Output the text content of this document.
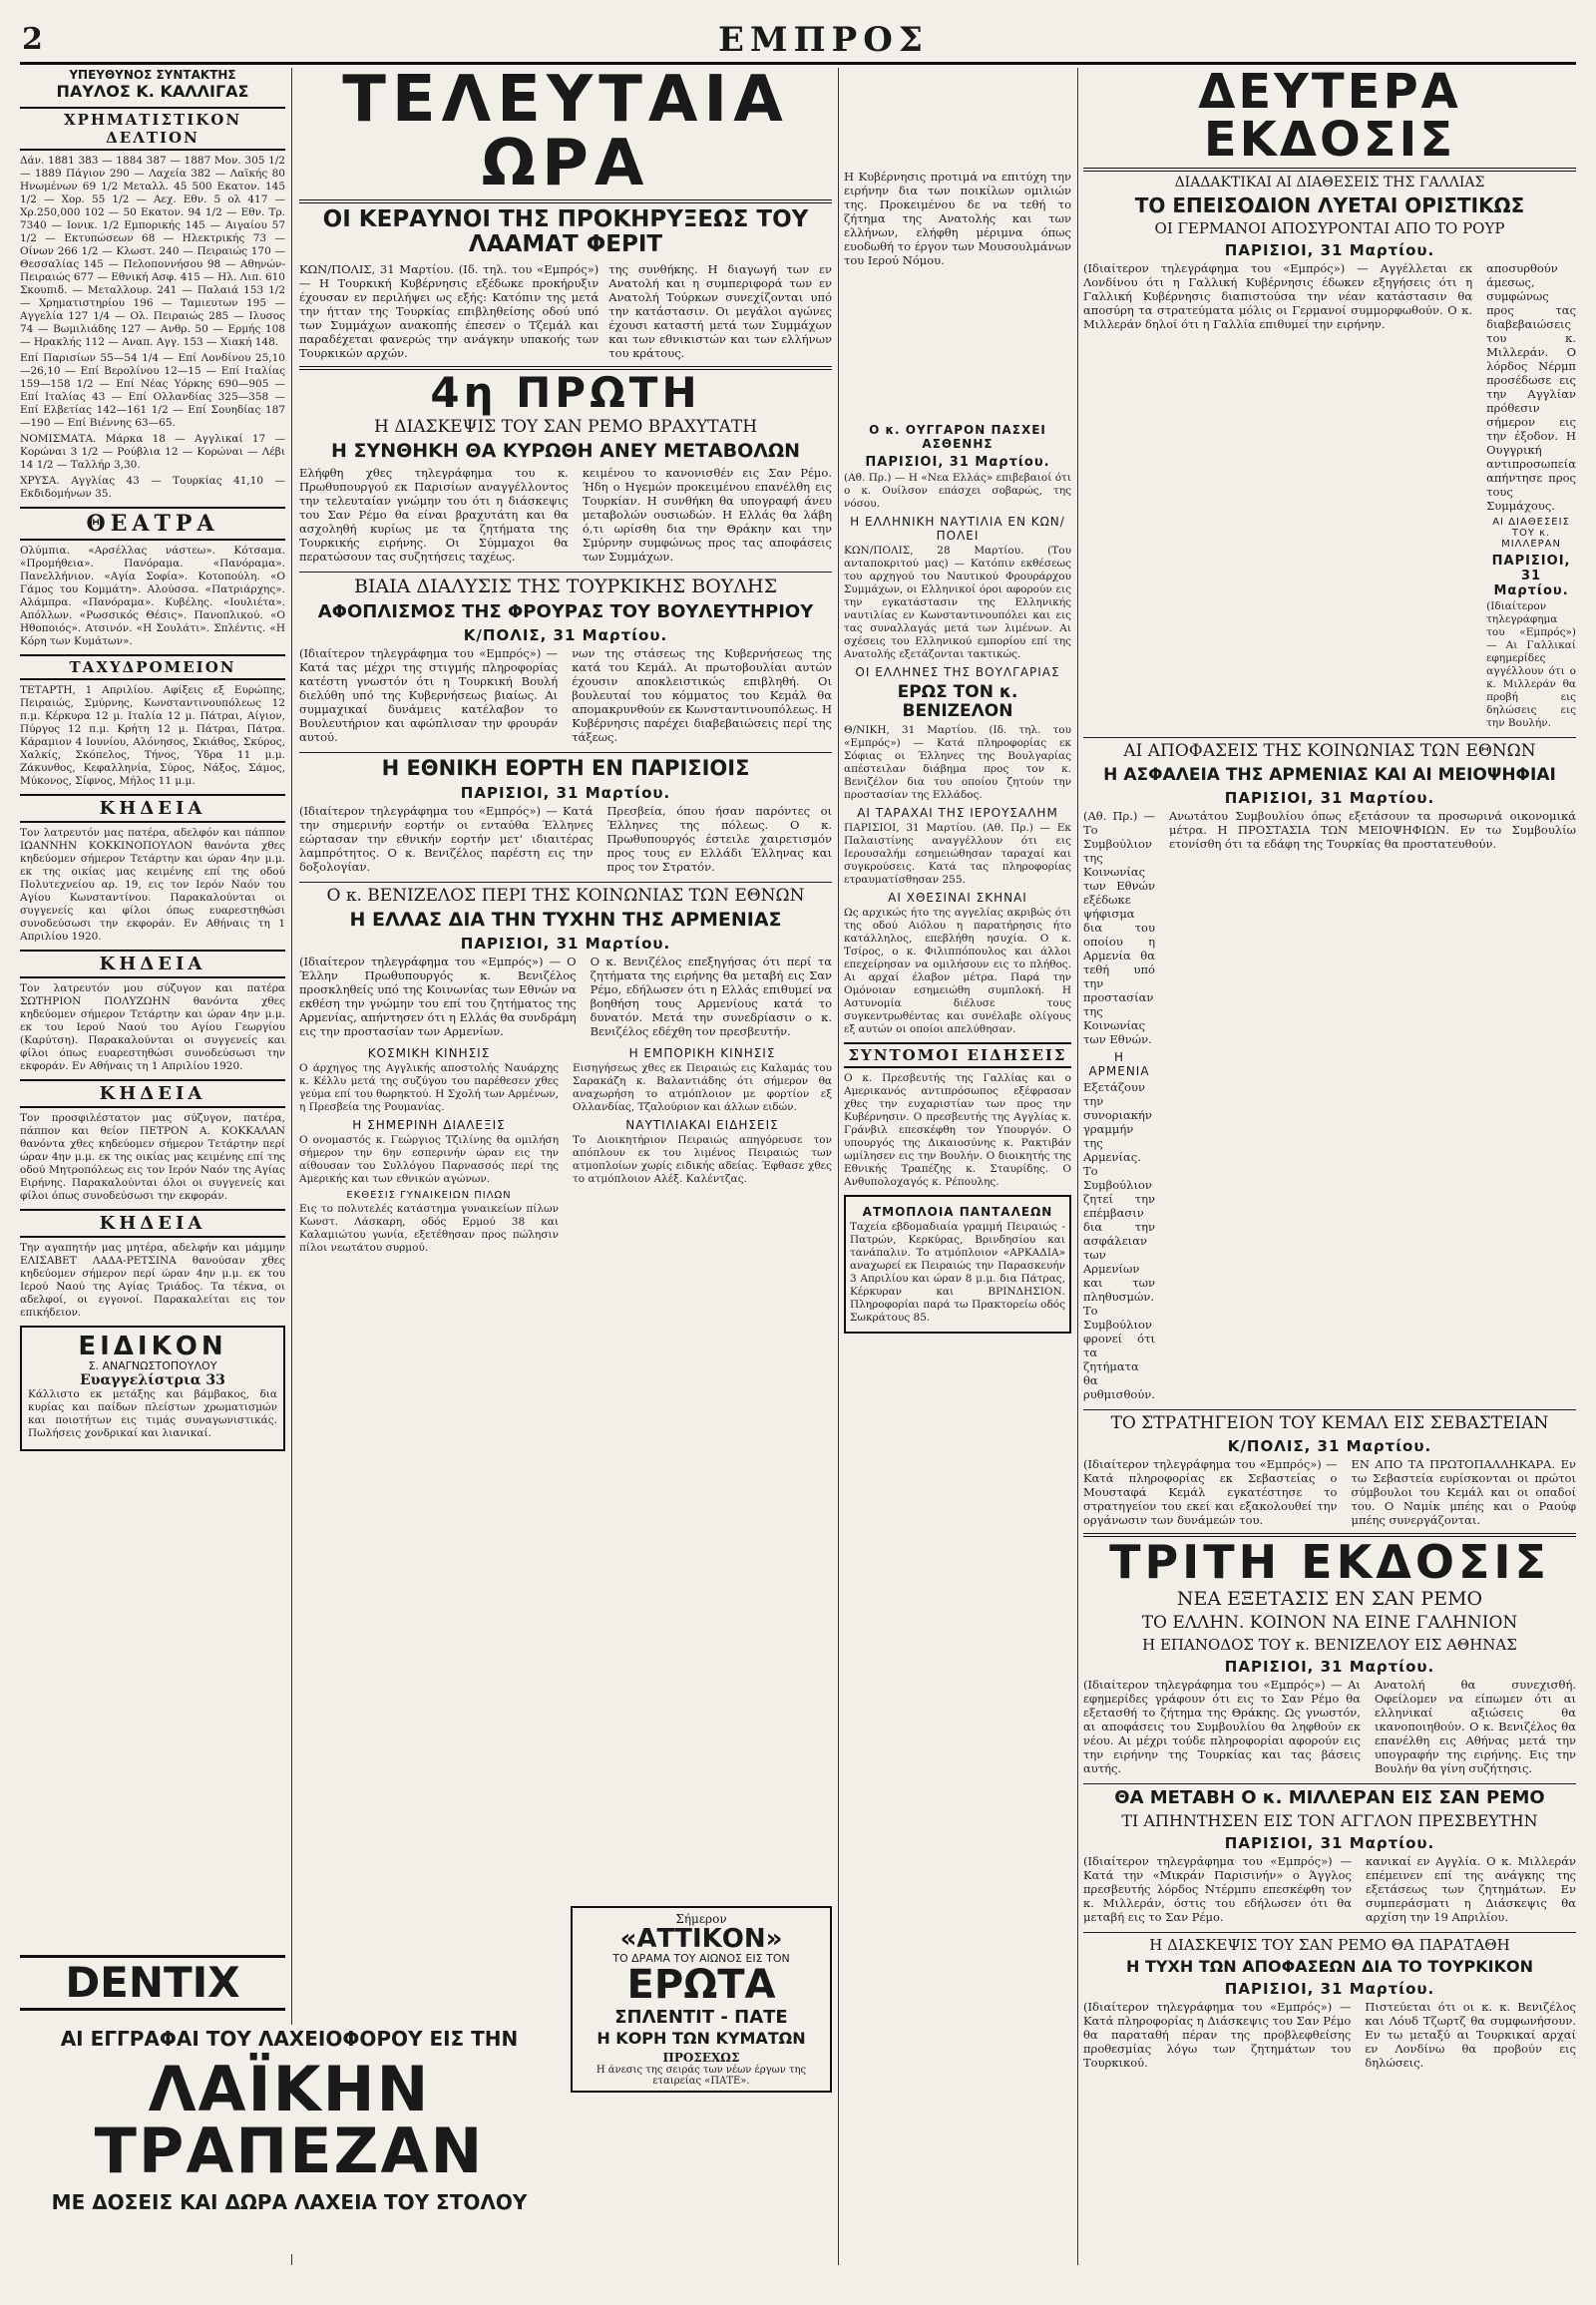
2	ΕΜΠΡΟΣ
ΥΠΕΥΘΥΝΟΣ ΣΥΝΤΑΚΤΗΣ
ΠΑΥΛΟΣ Κ. ΚΑΛΛΙΓΑΣ
ΧΡΗΜΑΤΙΣΤΙΚΟΝ ΔΕΛΤΙΟΝ

Δάν. 1881 383 — 1884 387 — 1887 Μον. 305 1/2 — 1889 Πάγιον 290 — Λαχεία 382 — Λαϊκής 80 Ηνωμένων 69 1/2 Μεταλλ. 45 500 Εκατον. 145 1/2 — Χορ. 55 1/2 — Αεχ. Εθν. 5 ολ 417 — Χρ.250,000 102 — 50 Εκατον. 94 1/2 — Εθν. Τρ. 7340 — Ιονικ. 1/2 Εμπορικής 145 — Αιγαίου 57 1/2 — Εκτυπώσεων 68 — Ηλεκτρικής 73 — Οίνων 266 1/2 — Κλωστ. 240 — Πειραιώς 170 — Θεσσαλίας 145 — Πελοποννήσου 98 — Αθηνών-Πειραιώς 677 — Εθνική Ασφ. 415 — Ηλ. Λιπ. 610 Σκουπιδ. — Μεταλλουρ. 241 — Παλαιά 153 1/2 — Χρηματιστηρίου 196 — Ταμιευτων 195 — Αγγελία 127 1/4 — Ολ. Πειραιώς 285 — Ιλυσος 74 — Βωμιλιάδης 127 — Ανθρ. 50 — Ερμής 108 — Ηρακλής 112 — Αναπ. Αγγ. 153 — Χιακή 148.

Επί Παρισίων 55—54 1/4 — Επί Λονδίνου 25,10—26,10 — Επί Βερολίνου 12—15 — Επί Ιταλίας 159—158 1/2 — Επί Νέας Υόρκης 690—905 — Επί Ιταλίας 43 — Επί Ολλανδίας 325—358 — Επί Ελβετίας 142—161 1/2 — Επί Σουηδίας 187—190 — Επί Βιέννης 63—65.

ΝΟΜΙΣΜΑΤΑ. Μάρκα 18 — Αγγλικαί 17 — Κορώναι 3 1/2 — Ρούβλια 12 — Κορώναι — Λέβι 14 1/2 — Ταλλήρ 3,30.

ΧΡΥΣΑ. Αγγλίας 43 — Τουρκίας 41,10 — Εκδιδομήνων 35.

ΘΕΑΤΡΑ

Ολύμπια. «Αρσέλλας νάστεω». Κότσαμα. «Προμήθεια». Πανόραμα. «Πανόραμα». Πανελλήνιον. «Αγία Σοφία». Κοτοπούλη. «Ο Γάμος του Κομμάτη». Αλούσσα. «Πατριάρχης». Αλάμπρα. «Πανόραμα». Κυβέλης. «Ιουλιέτα». Απόλλων. «Ρωσσικός Θέσις». Πανοπλικού. «Ο Ηθοποιός». Ατσινόν. «Η Σουλάτι». Σπλέντις. «Η Κόρη των Κυμάτων».

ΤΑΧΥΔΡΟΜΕΙΟΝ

ΤΕΤΑΡΤΗ, 1 Απριλίου. Αφίξεις εξ Ευρώπης, Πειραιώς, Σμύρνης, Κωνσταντινουπόλεως 12 π.μ. Κέρκυρα 12 μ. Ιταλία 12 μ. Πάτραι, Αίγιον, Πύργος 12 π.μ. Κρήτη 12 μ. Πάτραι, Πάτρα. Κάραμιον 4 Ιουνίου, Αλόνησος, Σκιάθος, Σκύρος, Χαλκίς, Σκόπελος, Τήνος, Ύδρα 11 μ.μ. Ζάκυνθος, Κεφαλληνία, Σύρος, Νάξος, Σάμος, Μύκονος, Σίφνος, Μήλος 11 μ.μ.

ΚΗΔΕΙΑ

Τον λατρευτόν μας πατέρα, αδελφόν και πάππον ΙΩΑΝΝΗΝ ΚΟΚΚΙΝΟΠΟΥΛΟΝ θανόντα χθες κηδεύομεν σήμερον Τετάρτην και ώραν 4ην μ.μ. εκ της οικίας μας κειμένης επί της οδού Πολυτεχνείου αρ. 19, εις τον Ιερόν Ναόν του Αγίου Κωνσταντίνου. Παρακαλούνται οι συγγενείς και φίλοι όπως ευαρεστηθώσι συνοδεύσωσι την εκφοράν. Εν Αθήναις τη 1 Απριλίου 1920.

ΚΗΔΕΙΑ

Τον λατρευτόν μου σύζυγον και πατέρα ΣΩΤΗΡΙΟΝ ΠΟΛΥΖΩΗΝ θανόντα χθες κηδεύομεν σήμερον Τετάρτην και ώραν 4ην μ.μ. εκ του Ιερού Ναού του Αγίου Γεωργίου (Καρύτση). Παρακαλούνται οι συγγενείς και φίλοι όπως ευαρεστηθώσι συνοδεύσωσι την εκφοράν. Εν Αθήναις τη 1 Απριλίου 1920.

ΚΗΔΕΙΑ

Τον προσφιλέστατον μας σύζυγον, πατέρα, πάππον και θείον ΠΕΤΡΟΝ Α. ΚΟΚΚΑΛΑΝ θανόντα χθες κηδεύομεν σήμερον Τετάρτην περί ώραν 4ην μ.μ. εκ της οικίας μας κειμένης επί της οδού Μητροπόλεως εις τον Ιερόν Ναόν της Αγίας Ειρήνης. Παρακαλούνται όλοι οι συγγενείς και φίλοι όπως συνοδεύσωσι την εκφοράν.

ΚΗΔΕΙΑ

Την αγαπητήν μας μητέρα, αδελφήν και μάμμην ΕΛΙΣΑΒΕΤ ΛΑΔΑ-ΡΕΤΣΙΝΑ θανούσαν χθες κηδεύομεν σήμερον περί ώραν 4ην μ.μ. εκ του Ιερού Ναού της Αγίας Τριάδος. Τα τέκνα, οι αδελφοί, οι εγγονοί. Παρακαλείται εις τον επικήδειον.

ΕΙΔΙΚΟΝ
Σ. ΑΝΑΓΝΩΣΤΟΠΟΥΛΟΥ
Ευαγγελίστρια 33

Κάλλιστο εκ μετάξης και βάμβακος, δια κυρίας και παίδων πλείστων χρωματισμών και ποιοτήτων εις τιμάς συναγωνιστικάς. Πωλήσεις χονδρικαί και λιανικαί.

DENTIX
ΑΙ ΕΓΓΡΑΦΑΙ ΤΟΥ ΛΑΧΕΙΟΦΟΡΟΥ ΕΙΣ ΤΗΝ
ΛΑΪΚΗΝ ΤΡΑΠΕΖΑΝ
ΜΕ ΔΟΣΕΙΣ ΚΑΙ ΔΩΡΑ ΛΑΧΕΙΑ ΤΟΥ ΣΤΟΛΟΥ
ΤΕΛΕΥΤΑΙΑ ΩΡΑ
ΟΙ ΚΕΡΑΥΝΟΙ ΤΗΣ ΠΡΟΚΗΡΥΞΕΩΣ ΤΟΥ ΛΑΑΜΑΤ ΦΕΡΙΤ

ΚΩΝ/ΠΟΛΙΣ, 31 Μαρτίου. (Ιδ. τηλ. του «Εμπρός») — Η Τουρκική Κυβέρνησις εξέδωκε προκήρυξιν έχουσαν εν περιλήψει ως εξής: Κατόπιν της μετά την ήτταν της Τουρκίας επιβληθείσης οδού υπό των Συμμάχων ανακοπής έπεσεν ο Τζεμάλ και παραδέχεται φανερώς την ανάγκην υπακοής των Τουρκικών αρχών.

της συνθήκης. Η διαγωγή των εν Ανατολή και η συμπεριφορά των εν Ανατολή Τούρκων συνεχίζονται υπό την κατάστασιν. Οι μεγάλοι αγώνες έχουσι καταστή μετά των Συμμάχων και των εθνικιστών και των ελλήνων του κράτους.

4η ΠΡΩΤΗ
Η ΔΙΑΣΚΕΨΙΣ ΤΟΥ ΣΑΝ ΡΕΜΟ ΒΡΑΧΥΤΑΤΗ
Η ΣΥΝΘΗΚΗ ΘΑ ΚΥΡΩΘΗ ΑΝΕΥ ΜΕΤΑΒΟΛΩΝ

Ελήφθη χθες τηλεγράφημα του κ. Πρωθυπουργού εκ Παρισίων αναγγέλλοντος την τελευταίαν γνώμην του ότι η διάσκεψις του Σαν Ρέμο θα είναι βραχυτάτη και θα ασχοληθή κυρίως με τα ζητήματα της Τουρκικής ειρήνης. Οι Σύμμαχοι θα περατώσουν τας συζητήσεις ταχέως.

κειμένου το κανονισθέν εις Σαν Ρέμο. Ήδη ο Ηγεμών προκειμένου επανέλθη εις Τουρκίαν. Η συνθήκη θα υπογραφή άνευ μεταβολών ουσιωδών. Η Ελλάς θα λάβη ό,τι ωρίσθη δια την Θράκην και την Σμύρνην συμφώνως προς τας αποφάσεις των Συμμάχων.

ΒΙΑΙΑ ΔΙΑΛΥΣΙΣ ΤΗΣ ΤΟΥΡΚΙΚΗΣ ΒΟΥΛΗΣ
ΑΦΟΠΛΙΣΜΟΣ ΤΗΣ ΦΡΟΥΡΑΣ ΤΟΥ ΒΟΥΛΕΥΤΗΡΙΟΥ
Κ/ΠΟΛΙΣ, 31 Μαρτίου.

(Ιδιαίτερον τηλεγράφημα του «Εμπρός») — Κατά τας μέχρι της στιγμής πληροφορίας κατέστη γνωστόν ότι η Τουρκική Βουλή διελύθη υπό της Κυβερνήσεως βιαίως. Αι συμμαχικαί δυνάμεις κατέλαβον το Βουλευτήριον και αφώπλισαν την φρουράν αυτού.

νων της στάσεως της Κυβερνήσεως της κατά του Κεμάλ. Αι πρωτοβουλίαι αυτών έχουσιν αποκλειστικώς επιβληθή. Οι βουλευταί του κόμματος του Κεμάλ θα απομακρυνθούν εκ Κωνσταντινουπόλεως. Η Κυβέρνησις παρέχει διαβεβαιώσεις περί της τάξεως.

Η ΕΘΝΙΚΗ ΕΟΡΤΗ ΕΝ ΠΑΡΙΣΙΟΙΣ
ΠΑΡΙΣΙΟΙ, 31 Μαρτίου.

(Ιδιαίτερον τηλεγράφημα του «Εμπρός») — Κατά την σημερινήν εορτήν οι ενταύθα Έλληνες εώρτασαν την εθνικήν εορτήν μετ' ιδιαιτέρας λαμπρότητος. Ο κ. Βενιζέλος παρέστη εις την δοξολογίαν.

Πρεσβεία, όπου ήσαν παρόντες οι Έλληνες της πόλεως. Ο κ. Πρωθυπουργός έστειλε χαιρετισμόν προς τους εν Ελλάδι Έλληνας και προς τον Στρατόν.

Ο κ. ΒΕΝΙΖΕΛΟΣ ΠΕΡΙ ΤΗΣ ΚΟΙΝΩΝΙΑΣ ΤΩΝ ΕΘΝΩΝ
Η ΕΛΛΑΣ ΔΙΑ ΤΗΝ ΤΥΧΗΝ ΤΗΣ ΑΡΜΕΝΙΑΣ
ΠΑΡΙΣΙΟΙ, 31 Μαρτίου.

(Ιδιαίτερον τηλεγράφημα του «Εμπρός») — Ο Έλλην Πρωθυπουργός κ. Βενιζέλος προσκληθείς υπό της Κοινωνίας των Εθνών να εκθέση την γνώμην του επί του ζητήματος της Αρμενίας, απήντησεν ότι η Ελλάς θα συνδράμη εις την προστασίαν των Αρμενίων.

Ο κ. Βενιζέλος επεξηγήσας ότι περί τα ζητήματα της ειρήνης θα μεταβή εις Σαν Ρέμο, εδήλωσεν ότι η Ελλάς επιθυμεί να βοηθήση τους Αρμενίους κατά το δυνατόν. Μετά την συνεδρίασιν ο κ. Βενιζέλος εδέχθη τον πρεσβευτήν.

ΚΟΣΜΙΚΗ ΚΙΝΗΣΙΣ

Ο άρχηγος της Αγγλικής αποστολής Ναυάρχης κ. Κέλλυ μετά της συζύγου του παρέθεσεν χθες γεύμα επί του θωρηκτού. Η Σχολή των Αρμένων, η Πρεσβεία της Ρουμανίας.

Η ΣΗΜΕΡΙΝΗ ΔΙΑΛΕΞΙΣ

Ο ονομαστός κ. Γεώργιος Τζιλίνης θα ομιλήση σήμερον την 6ην εσπερινήν ώραν εις την αίθουσαν του Συλλόγου Παρνασσός περί της Αμερικής και των εθνικών αγώνων.

ΕΚΘΕΣΙΣ ΓΥΝΑΙΚΕΙΩΝ ΠΙΛΩΝ

Εις το πολυτελές κατάστημα γυναικείων πίλων Κωνστ. Λάσκαρη, οδός Ερμού 38 και Καλαμιώτου γωνία, εξετέθησαν προς πώλησιν πίλοι νεωτάτου συρμού.

Η ΕΜΠΟΡΙΚΗ ΚΙΝΗΣΙΣ

Εισηγήσεως χθες εκ Πειραιώς εις Καλαμάς του Σαρακάζη κ. Βαλαντιάδης ότι σήμερον θα αναχωρήση το ατμόπλοιον με φορτίον εξ Ολλανδίας, Τζαλούριον και άλλων ειδών.

ΝΑΥΤΙΛΙΑΚΑΙ ΕΙΔΗΣΕΙΣ

Το Διοικητήριον Πειραιώς απηγόρευσε τον απόπλουν εκ του λιμένος Πειραιώς των ατμοπλοίων χωρίς ειδικής αδείας. Έφθασε χθες το ατμόπλοιον Αλέξ. Καλέντζας.

Σήμερον
«ΑΤΤΙΚΟΝ»
ΤΟ ΔΡΑΜΑ ΤΟΥ ΑΙΩΝΟΣ ΕΙΣ ΤΟΝ
ΕΡΩΤΑ
ΣΠΛΕΝΤΙΤ - ΠΑΤΕ
Η ΚΟΡΗ ΤΩΝ ΚΥΜΑΤΩΝ
ΠΡΟΣΕΧΩΣ
Η άνεσις της σειράς των νέων έργων της εταιρείας «ΠΑΤΕ».
Ο κ. ΟΥΓΓΑΡΟΝ ΠΑΣΧΕΙ ΑΣΘΕΝΗΣ
ΠΑΡΙΣΙΟΙ, 31 Μαρτίου.

(Αθ. Πρ.) — Η «Νεα Ελλάς» επιβεβαιοί ότι ο κ. Ουίλσον επάσχει σοβαρώς, της νόσου.

Η ΕΛΛΗΝΙΚΗ ΝΑΥΤΙΛΙΑ ΕΝ ΚΩΝ/ΠΟΛΕΙ

ΚΩΝ/ΠΟΛΙΣ, 28 Μαρτίου. (Του ανταποκριτού μας) — Κατόπιν εκθέσεως του αρχηγού του Ναυτικού Φρουράρχου Συμμάχων, οι Ελληνικοί όροι αφορούν εις την εγκατάστασιν της Ελληνικής ναυτιλίας εν Κωνσταντινουπόλει και εις τας συναλλαγάς μετά των λιμένων. Αι σχέσεις του Ελληνικού εμπορίου επί της Ανατολής εξετάζονται τακτικώς.

ΟΙ ΕΛΛΗΝΕΣ ΤΗΣ ΒΟΥΛΓΑΡΙΑΣ
ΕΡΩΣ ΤΟΝ κ. ΒΕΝΙΖΕΛΟΝ

Θ/ΝΙΚΗ, 31 Μαρτίου. (Ιδ. τηλ. του «Εμπρός») — Κατά πληροφορίας εκ Σόφιας οι Έλληνες της Βουλγαρίας απέστειλαν διάβημα προς τον κ. Βενιζέλον δια του οποίου ζητούν την προστασίαν της Ελλάδος.

ΑΙ ΤΑΡΑΧΑΙ ΤΗΣ ΙΕΡΟΥΣΑΛΗΜ

ΠΑΡΙΣΙΟΙ, 31 Μαρτίου. (Αθ. Πρ.) — Εκ Παλαιστίνης αναγγέλλουν ότι εις Ιερουσαλήμ εσημειώθησαν ταραχαί και συγκρούσεις. Κατά τας πληροφορίας ετραυματίσθησαν 255.

ΑΙ ΧΘΕΣΙΝΑΙ ΣΚΗΝΑΙ

Ως αρχικώς ήτο της αγγελίας ακριβώς ότι της οδού Αιόλου η παρατήρησις ήτο κατάλληλος, επεβλήθη ησυχία. Ο κ. Τσίρος, ο κ. Φιλιππόπουλος και άλλοι επεχείρησαν να ομιλήσουν εις το πλήθος. Αι αρχαί έλαβον μέτρα. Παρά την Ομόνοιαν εσημειώθη συμπλοκή. Η Αστυνομία διέλυσε τους συγκεντρωθέντας και συνέλαβε ολίγους εξ αυτών οι οποίοι απελύθησαν.

ΣΥΝΤΟΜΟΙ ΕΙΔΗΣΕΙΣ

Ο κ. Πρεσβευτής της Γαλλίας και ο Αμερικανός αντιπρόσωπος εξέφρασαν χθες την ευχαριστίαν των προς την Κυβέρνησιν. Ο πρεσβευτής της Αγγλίας κ. Γράνβιλ επεσκέφθη τον Υπουργόν. Ο υπουργός της Δικαιοσύνης κ. Ρακτιβάν ωμίλησεν εις την Βουλήν. Ο διοικητής της Εθνικής Τραπέζης κ. Σταυρίδης. Ο Ανθυπολοχαγός κ. Ρέπουλης.

ΑΤΜΟΠΛΟΙΑ ΠΑΝΤΑΛΕΩΝ

Ταχεία εβδομαδιαία γραμμή Πειραιώς - Πατρών, Κερκύρας, Βρινδησίου και τανάπαλιν. Το ατμόπλοιον «ΑΡΚΑΔΙΑ» αναχωρεί εκ Πειραιώς την Παρασκευήν 3 Απριλίου και ώραν 8 μ.μ. δια Πάτρας, Κέρκυραν και ΒΡΙΝΔΗΣΙΟΝ. Πληροφορίαι παρά τω Πρακτορείω οδός Σωκράτους 85.

Η Κυβέρνησις προτιμά να επιτύχη την ειρήνην δια των ποικίλων ομιλιών της. Προκειμένου δε να τεθή το ζήτημα της Ανατολής και των ελλήνων, ελήφθη μέριμνα όπως ευοδωθή το έργον των Μουσουλμάνων του Ιερού Νόμου.

ΔΕΥΤΕΡΑ ΕΚΔΟΣΙΣ
ΔΙΑΔΑΚΤΙΚΑΙ ΑΙ ΔΙΑΘΕΣΕΙΣ ΤΗΣ ΓΑΛΛΙΑΣ
ΤΟ ΕΠΕΙΣΟΔΙΟΝ ΛΥΕΤΑΙ ΟΡΙΣΤΙΚΩΣ
ΟΙ ΓΕΡΜΑΝΟΙ ΑΠΟΣΥΡΟΝΤΑΙ ΑΠΟ ΤΟ ΡΟΥΡ
ΠΑΡΙΣΙΟΙ, 31 Μαρτίου.

(Ιδιαίτερον τηλεγράφημα του «Εμπρός») — Αγγέλλεται εκ Λονδίνου ότι η Γαλλική Κυβέρνησις έδωκεν εξηγήσεις ότι η Γαλλική Κυβέρνησις διαπιστούσα την νέαν κατάστασιν θα αποσύρη τα στρατεύματα μόλις οι Γερμανοί συμμορφωθούν. Ο κ. Μιλλεράν δηλοί ότι η Γαλλία επιθυμεί την ειρήνην.

αποσυρθούν άμεσως, συμφώνως προς τας διαβεβαιώσεις του κ. Μιλλεράν. Ο λόρδος Νέρμπ προσέδωσε εις την Αγγλίαν πρόθεσιν σήμερον εις την έξοδον. Η Ουγγρική αντιπροσωπεία απήντησε προς τους Συμμάχους.

ΑΙ ΔΙΑΘΕΣΕΙΣ ΤΟΥ κ. ΜΙΛΛΕΡΑΝ
ΠΑΡΙΣΙΟΙ, 31 Μαρτίου.

(Ιδιαίτερον τηλεγράφημα του «Εμπρός») — Αι Γαλλικαί εφημερίδες αγγέλλουν ότι ο κ. Μιλλεράν θα προβή εις δηλώσεις εις την Βουλήν.

ΑΙ ΑΠΟΦΑΣΕΙΣ ΤΗΣ ΚΟΙΝΩΝΙΑΣ ΤΩΝ ΕΘΝΩΝ
Η ΑΣΦΑΛΕΙΑ ΤΗΣ ΑΡΜΕΝΙΑΣ ΚΑΙ ΑΙ ΜΕΙΟΨΗΦΙΑΙ
ΠΑΡΙΣΙΟΙ, 31 Μαρτίου.

(Αθ. Πρ.) — Το Συμβούλιον της Κοινωνίας των Εθνών εξέδωκε ψήφισμα δια του οποίου η Αρμενία θα τεθή υπό την προστασίαν της Κοινωνίας των Εθνών.

Η ΑΡΜΕΝΙΑ

Εξετάζουν την συνοριακήν γραμμήν της Αρμενίας. Το Συμβούλιον ζητεί την επέμβασιν δια την ασφάλειαν των Αρμενίων και των πληθυσμών. Το Συμβούλιον φρονεί ότι τα ζητήματα θα ρυθμισθούν.

Ανωτάτου Συμβουλίου όπως εξετάσουν τα προσωρινά οικονομικά μέτρα. Η ΠΡΟΣΤΑΣΙΑ ΤΩΝ ΜΕΙΟΨΗΦΙΩΝ. Εν τω Συμβουλίω ετονίσθη ότι τα εδάφη της Τουρκίας θα προστατευθούν.

ΤΟ ΣΤΡΑΤΗΓΕΙΟΝ ΤΟΥ ΚΕΜΑΛ ΕΙΣ ΣΕΒΑΣΤΕΙΑΝ
Κ/ΠΟΛΙΣ, 31 Μαρτίου.

(Ιδιαίτερον τηλεγράφημα του «Εμπρός») — Κατά πληροφορίας εκ Σεβαστείας ο Μουσταφά Κεμάλ εγκατέστησε το στρατηγείον του εκεί και εξακολουθεί την οργάνωσιν των δυνάμεών του.

ΕΝ ΑΠΟ ΤΑ ΠΡΩΤΟΠΑΛΛΗΚΑΡΑ. Εν τω Σεβαστεία ευρίσκονται οι πρώτοι σύμβουλοι του Κεμάλ και οι οπαδοί του. Ο Ναμίκ μπέης και ο Ραούφ μπέης συνεργάζονται.

ΤΡΙΤΗ ΕΚΔΟΣΙΣ
ΝΕΑ ΕΞΕΤΑΣΙΣ ΕΝ ΣΑΝ ΡΕΜΟ
ΤΟ ΕΛΛΗΝ. ΚΟΙΝΟΝ ΝΑ ΕΙΝΕ ΓΑΛΗΝΙΟΝ
Η ΕΠΑΝΟΔΟΣ ΤΟΥ κ. ΒΕΝΙΖΕΛΟΥ ΕΙΣ ΑΘΗΝΑΣ
ΠΑΡΙΣΙΟΙ, 31 Μαρτίου.

(Ιδιαίτερον τηλεγράφημα του «Εμπρός») — Αι εφημερίδες γράφουν ότι εις το Σαν Ρέμο θα εξετασθή το ζήτημα της Θράκης. Ως γνωστόν, αι αποφάσεις του Συμβουλίου θα ληφθούν εκ νέου. Αι μέχρι τούδε πληροφορίαι αφορούν εις την ειρήνην της Τουρκίας και τας βάσεις αυτής.

Ανατολή θα συνεχισθή. Οφείλομεν να είπωμεν ότι αι ελληνικαί αξιώσεις θα ικανοποιηθούν. Ο κ. Βενιζέλος θα επανέλθη εις Αθήνας μετά την υπογραφήν της ειρήνης. Εις την Βουλήν θα γίνη συζήτησις.

ΘΑ ΜΕΤΑΒΗ Ο κ. ΜΙΛΛΕΡΑΝ ΕΙΣ ΣΑΝ ΡΕΜΟ
ΤΙ ΑΠΗΝΤΗΣΕΝ ΕΙΣ ΤΟΝ ΑΓΓΛΟΝ ΠΡΕΣΒΕΥΤΗΝ
ΠΑΡΙΣΙΟΙ, 31 Μαρτίου.

(Ιδιαίτερον τηλεγράφημα του «Εμπρός») — Κατά την «Μικράν Παρισινήν» ο Άγγλος πρεσβευτής λόρδος Ντέρμπυ επεσκέφθη τον κ. Μιλλεράν, όστις του εδήλωσεν ότι θα μεταβή εις το Σαν Ρέμο.

κανικαί εν Αγγλία. Ο κ. Μιλλεράν επέμεινεν επί της ανάγκης της εξετάσεως των ζητημάτων. Εν συμπεράσματι η Διάσκεψις θα αρχίση την 19 Απριλίου.

Η ΔΙΑΣΚΕΨΙΣ ΤΟΥ ΣΑΝ ΡΕΜΟ ΘΑ ΠΑΡΑΤΑΘΗ
Η ΤΥΧΗ ΤΩΝ ΑΠΟΦΑΣΕΩΝ ΔΙΑ ΤΟ ΤΟΥΡΚΙΚΟΝ
ΠΑΡΙΣΙΟΙ, 31 Μαρτίου.

(Ιδιαίτερον τηλεγράφημα του «Εμπρός») — Κατά πληροφορίας η Διάσκεψις του Σαν Ρέμο θα παραταθή πέραν της προβλεφθείσης προθεσμίας λόγω των ζητημάτων του Τουρκικού.

Πιστεύεται ότι οι κ. κ. Βενιζέλος και Λόυδ Τζωρτζ θα συμφωνήσουν. Εν τω μεταξύ αι Τουρκικαί αρχαί εν Λονδίνω θα προβούν εις δηλώσεις.
